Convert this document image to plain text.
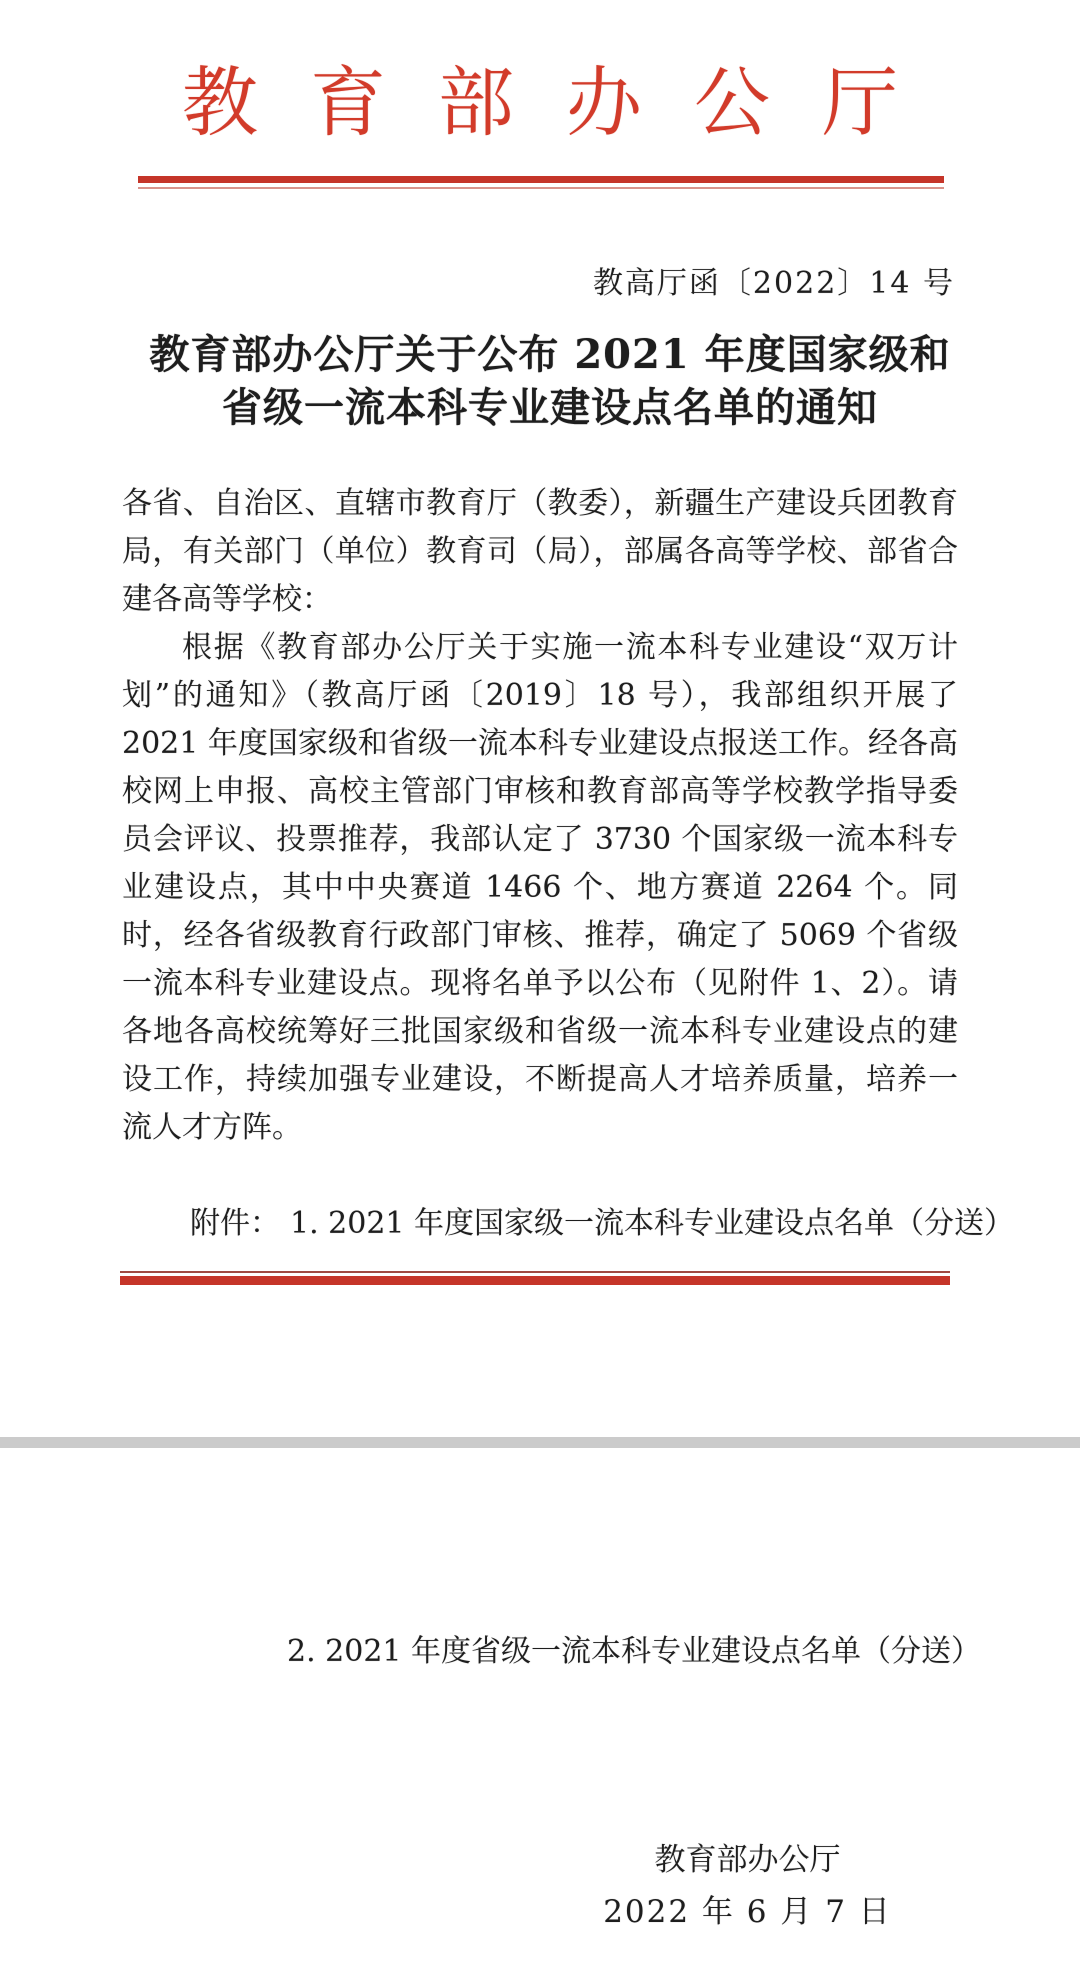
教育部办公厅
教高厅函〔2022〕14 号
教育部办公厅关于公布 2021 年度国家级和
省级一流本科专业建设点名单的通知

各省、自治区、直辖市教育厅（教委），新疆生产建设兵团教育局，有关部门（单位）教育司（局），部属各高等学校、部省合建各高等学校：

根据《教育部办公厅关于实施一流本科专业建设“双万计划”的通知》（教高厅函〔2019〕18 号），我部组织开展了 2021 年度国家级和省级一流本科专业建设点报送工作。经各高校网上申报、高校主管部门审核和教育部高等学校教学指导委员会评议、投票推荐，我部认定了 3730 个国家级一流本科专业建设点，其中中央赛道 1466 个、地方赛道 2264 个。同时，经各省级教育行政部门审核、推荐，确定了 5069 个省级一流本科专业建设点。现将名单予以公布（见附件 1、2）。请各地各高校统筹好三批国家级和省级一流本科专业建设点的建设工作，持续加强专业建设，不断提高人才培养质量，培养一流人才方阵。

附件： 1. 2021 年度国家级一流本科专业建设点名单（分送）
2. 2021 年度省级一流本科专业建设点名单（分送）
教育部办公厅
2022 年 6 月 7 日
